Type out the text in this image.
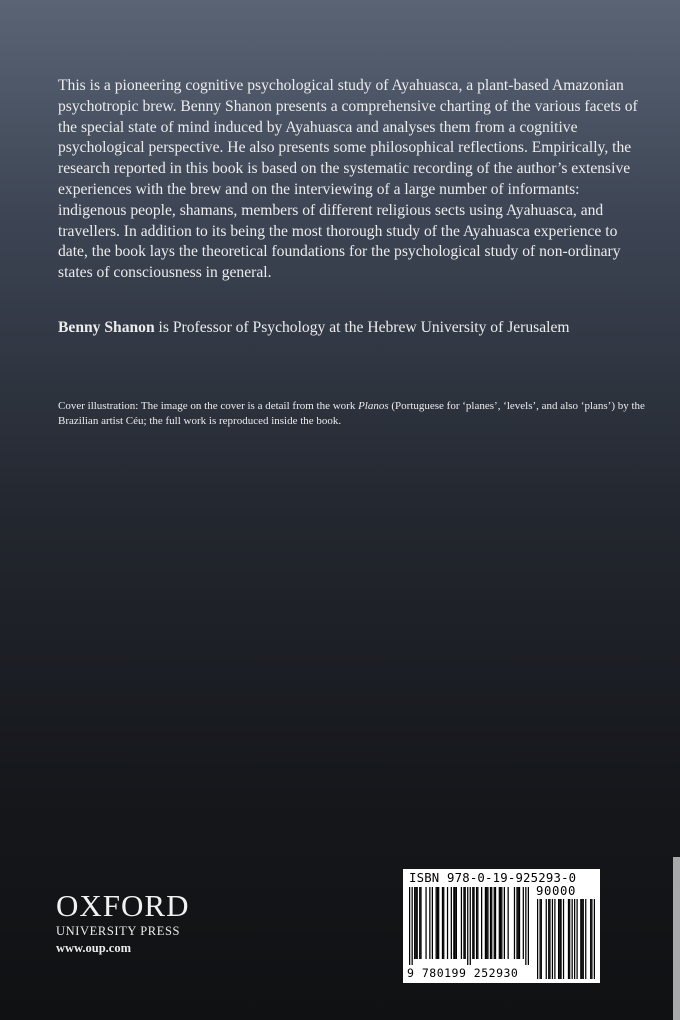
This is a pioneering cognitive psychological study of Ayahuasca, a plant-based Amazonian psychotropic brew. Benny Shanon presents a comprehensive charting of the various facets of the special state of mind induced by Ayahuasca and analyses them from a cognitive psychological perspective. He also presents some philosophical reflections. Empirically, the research reported in this book is based on the systematic recording of the author’s extensive experiences with the brew and on the interviewing of a large number of informants: indigenous people, shamans, members of different religious sects using Ayahuasca, and travellers. In addition to its being the most thorough study of the Ayahuasca experience to date, the book lays the theoretical foundations for the psychological study of non-ordinary states of consciousness in general.

Benny Shanon is Professor of Psychology at the Hebrew University of Jerusalem

Cover illustration: The image on the cover is a detail from the work Planos (Portuguese for ‘planes’, ‘levels’, and also ‘plans’) by the Brazilian artist Céu; the full work is reproduced inside the book.

OXFORD
UNIVERSITY PRESS
www.oup.com
ISBN 978-0-19-925293-0
90000
9 780199 252930
